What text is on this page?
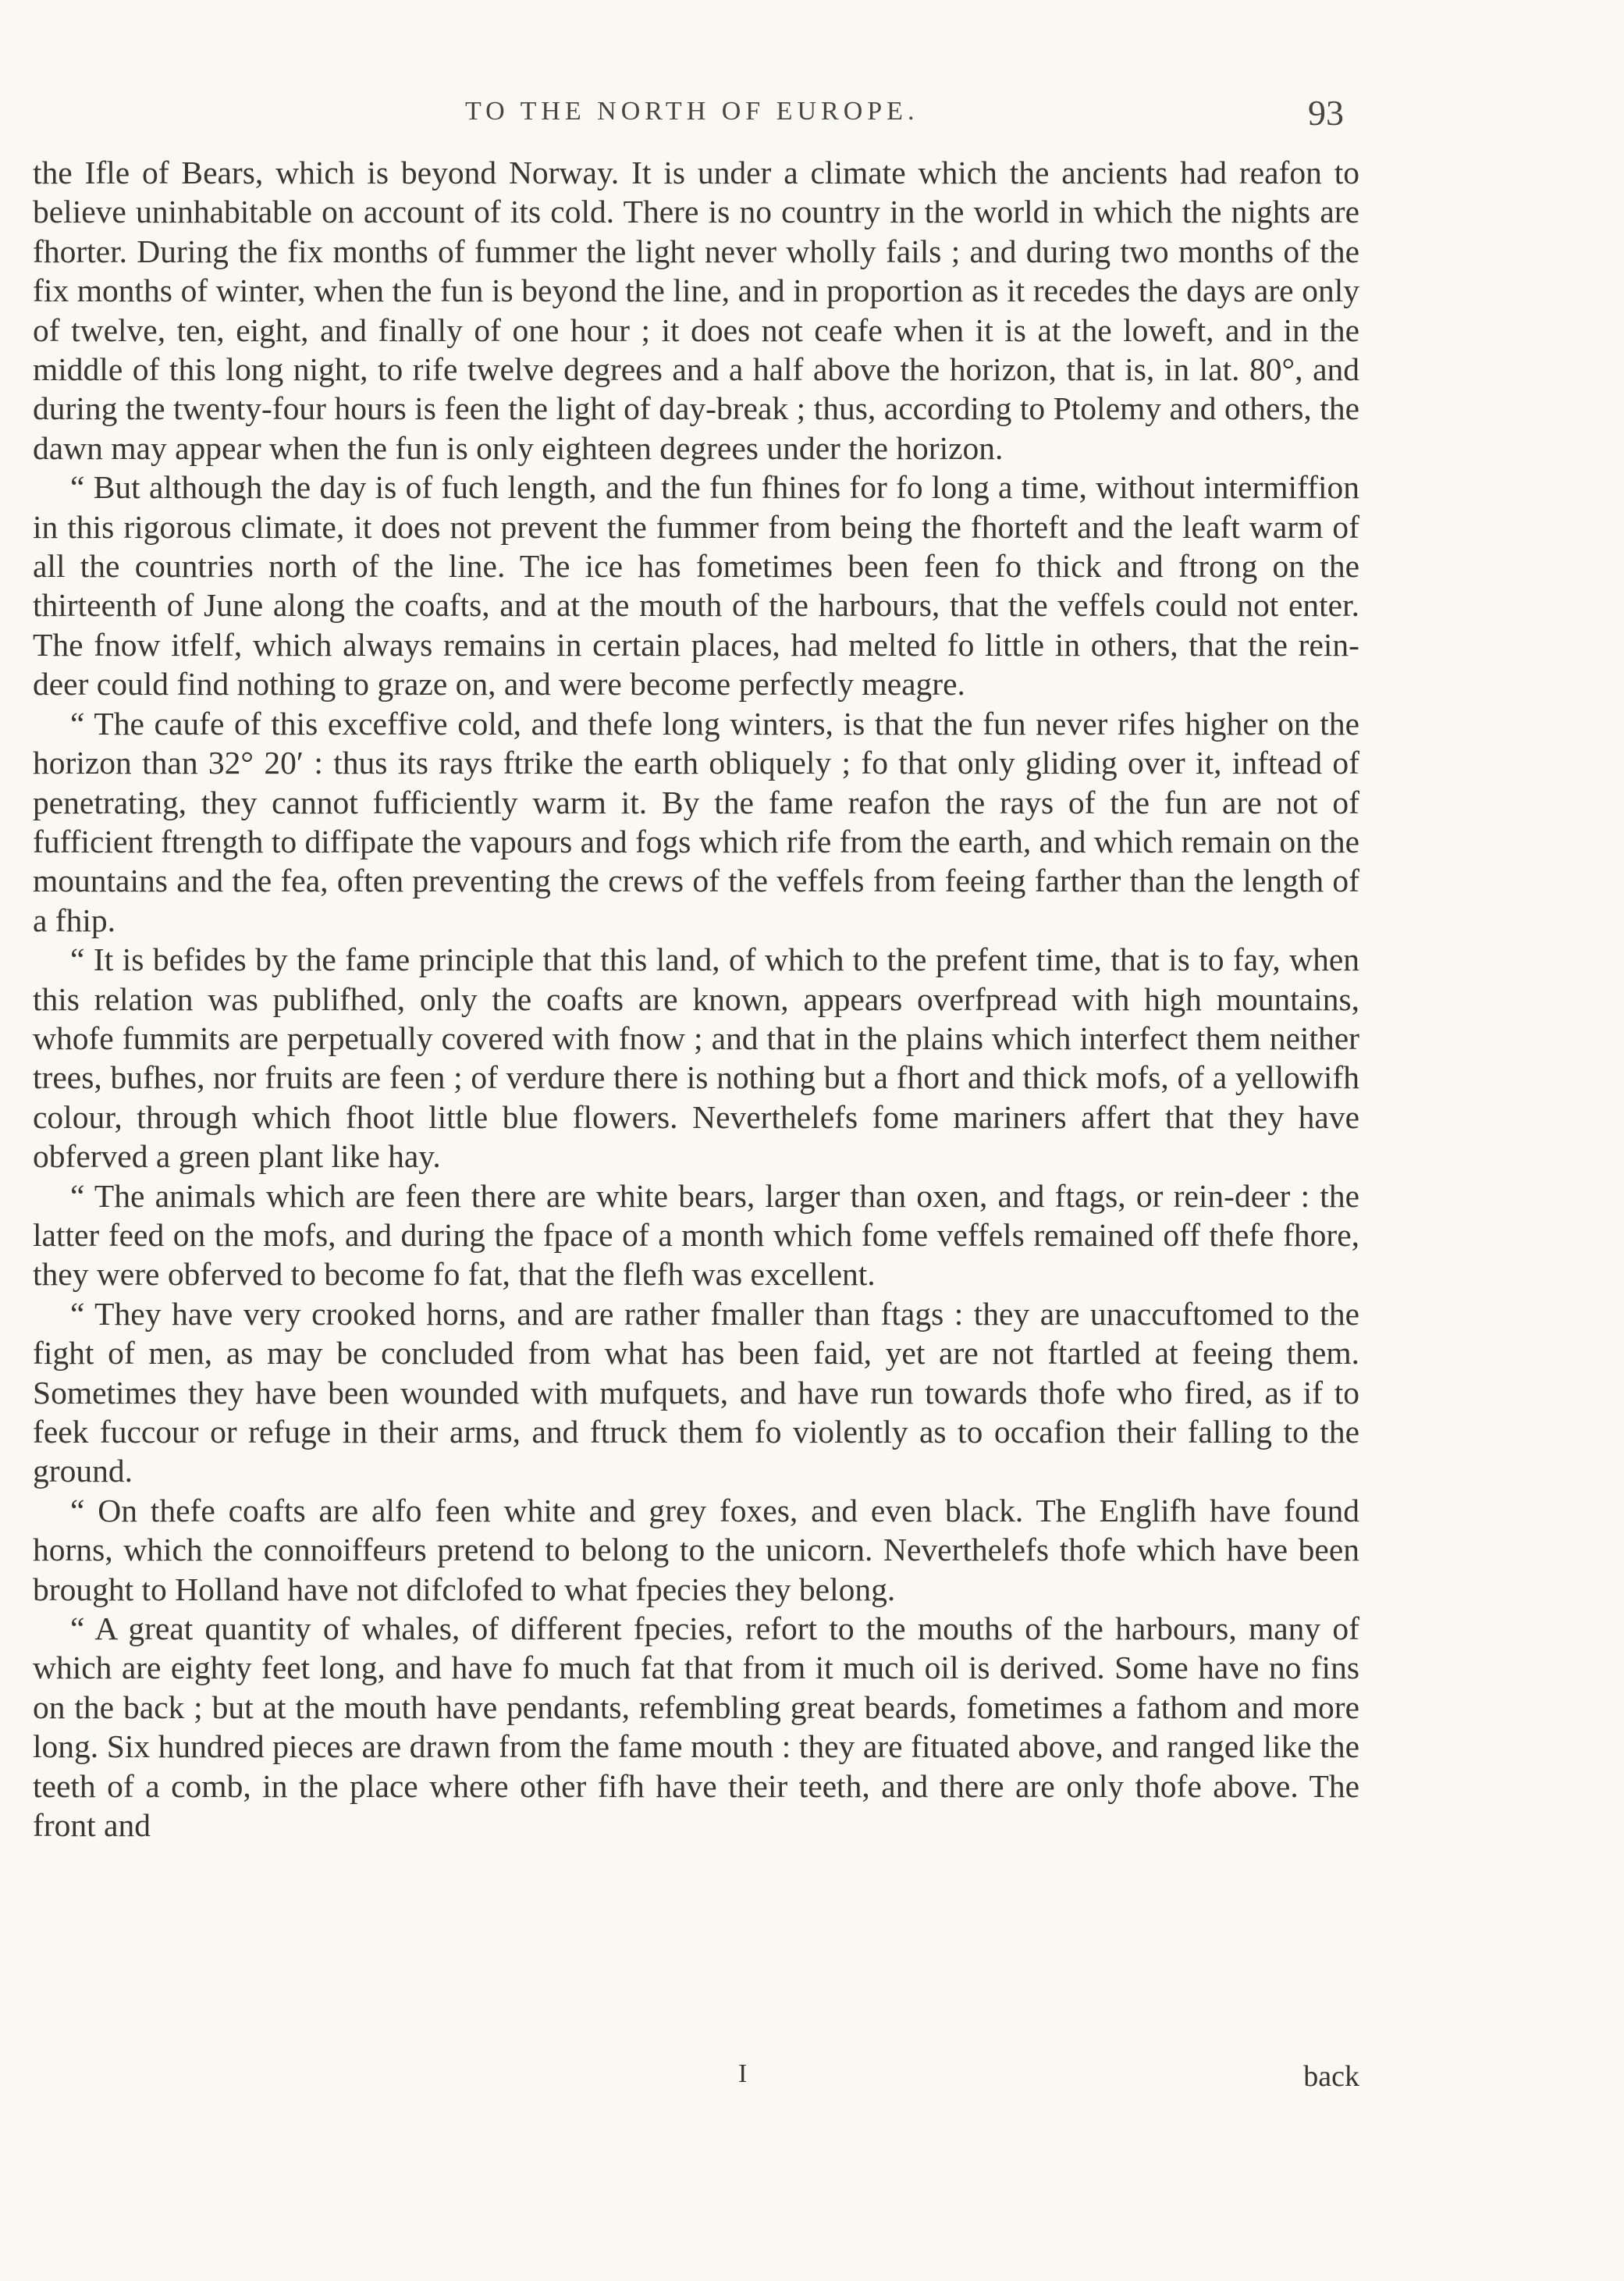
TO THE NORTH OF EUROPE.	93

the Ifle of Bears, which is beyond Norway. It is under a climate which the ancients had reafon to believe uninhabitable on account of its cold. There is no country in the world in which the nights are fhorter. During the fix months of fummer the light never wholly fails ; and during two months of the fix months of winter, when the fun is beyond the line, and in proportion as it recedes the days are only of twelve, ten, eight, and finally of one hour ; it does not ceafe when it is at the loweft, and in the middle of this long night, to rife twelve degrees and a half above the horizon, that is, in lat. 80°, and during the twenty-four hours is feen the light of day-break ; thus, according to Ptolemy and others, the dawn may appear when the fun is only eighteen degrees under the horizon.

“ But although the day is of fuch length, and the fun fhines for fo long a time, without intermiffion in this rigorous climate, it does not prevent the fummer from being the fhorteft and the leaft warm of all the countries north of the line. The ice has fometimes been feen fo thick and ftrong on the thirteenth of June along the coafts, and at the mouth of the harbours, that the veffels could not enter. The fnow itfelf, which always remains in certain places, had melted fo little in others, that the rein-deer could find nothing to graze on, and were become perfectly meagre.

“ The caufe of this exceffive cold, and thefe long winters, is that the fun never rifes higher on the horizon than 32° 20′ : thus its rays ftrike the earth obliquely ; fo that only gliding over it, inftead of penetrating, they cannot fufficiently warm it. By the fame reafon the rays of the fun are not of fufficient ftrength to diffipate the vapours and fogs which rife from the earth, and which remain on the mountains and the fea, often preventing the crews of the veffels from feeing farther than the length of a fhip.

“ It is befides by the fame principle that this land, of which to the prefent time, that is to fay, when this relation was publifhed, only the coafts are known, appears overfpread with high mountains, whofe fummits are perpetually covered with fnow ; and that in the plains which interfect them neither trees, bufhes, nor fruits are feen ; of verdure there is nothing but a fhort and thick mofs, of a yellowifh colour, through which fhoot little blue flowers. Neverthelefs fome mariners affert that they have obferved a green plant like hay.

“ The animals which are feen there are white bears, larger than oxen, and ftags, or rein-deer : the latter feed on the mofs, and during the fpace of a month which fome veffels remained off thefe fhore, they were obferved to become fo fat, that the flefh was excellent.

“ They have very crooked horns, and are rather fmaller than ftags : they are unaccuftomed to the fight of men, as may be concluded from what has been faid, yet are not ftartled at feeing them. Sometimes they have been wounded with mufquets, and have run towards thofe who fired, as if to feek fuccour or refuge in their arms, and ftruck them fo violently as to occafion their falling to the ground.

“ On thefe coafts are alfo feen white and grey foxes, and even black. The Englifh have found horns, which the connoiffeurs pretend to belong to the unicorn. Neverthelefs thofe which have been brought to Holland have not difclofed to what fpecies they belong.

“ A great quantity of whales, of different fpecies, refort to the mouths of the harbours, many of which are eighty feet long, and have fo much fat that from it much oil is derived. Some have no fins on the back ; but at the mouth have pendants, refembling great beards, fometimes a fathom and more long. Six hundred pieces are drawn from the fame mouth : they are fituated above, and ranged like the teeth of a comb, in the place where other fifh have their teeth, and there are only thofe above. The front and

I	back
